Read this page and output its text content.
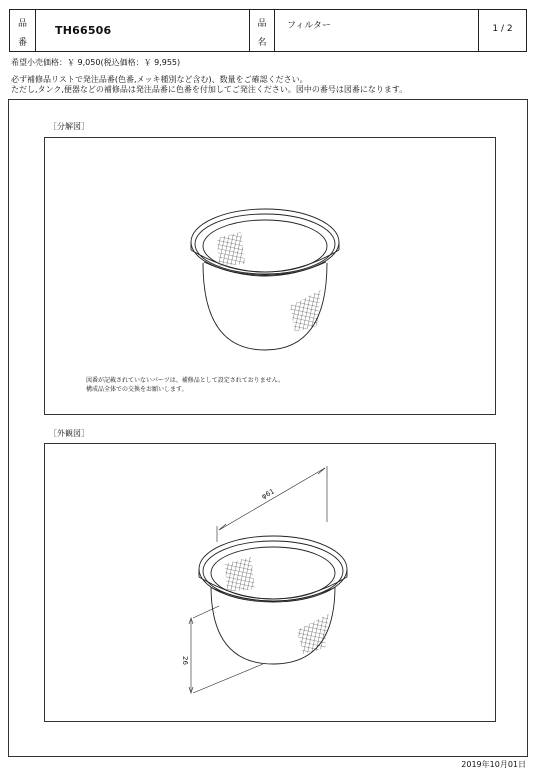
品
番
TH66506	品
名
フィルター	1 / 2
希望小売価格：￥ 9,050(税込価格：￥ 9,955)
必ず補修品リストで発注品番(色番,メッキ種別など含む)、数量をご確認ください。
ただし,タンク,便器などの補修品は発注品番に色番を付加してご発注ください。図中の番号は図番になります。
［分解図］
図番が記載されていないパーツは、補修品として設定されておりません。
構成品全体での交換をお願いします。
［外観図］
φ61
26
2019年10月01日
